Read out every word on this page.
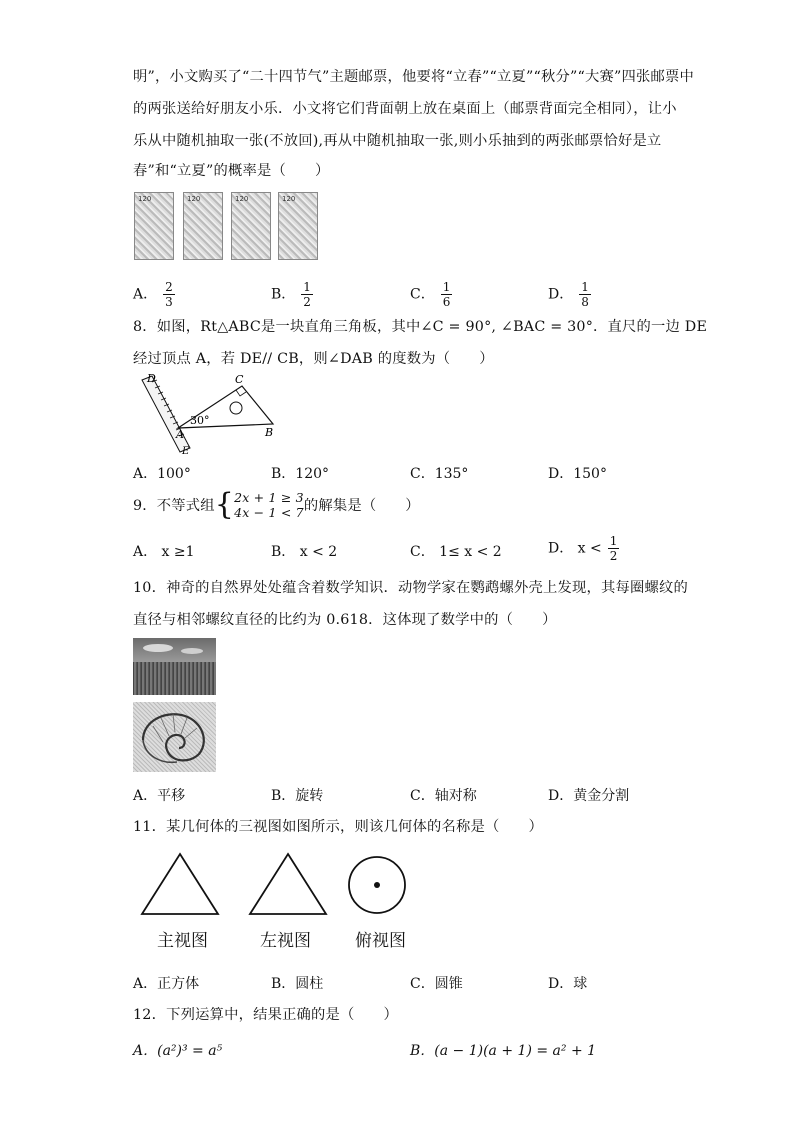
明”，小文购买了“二十四节气”主题邮票，他要将“立春”“立夏”“秋分”“大赛”四张邮票中
的两张送给好朋友小乐．小文将它们背面朝上放在桌面上（邮票背面完全相同），让小
乐从中随机抽取一张(不放回),再从中随机抽取一张,则小乐抽到的两张邮票恰好是立
春”和“立夏”的概率是（　　）
120	120	120	120
A． $\frac{2}{3}$	B． $\frac{1}{2}$	C． $\frac{1}{6}$	D． $\frac{1}{8}$
8．如图，Rt△ABC是一块直角三角板，其中∠C = 90°, ∠BAC = 30°．直尺的一边 DE
经过顶点 A，若 DE// CB，则∠DAB 的度数为（　　）
D	C
30°
A	B
E
A．100°	B．120°	C．135°	D．150°
9．不等式组 { 2x + 1 ≥ 3
4x − 1 < 7 的解集是（　　）
A． x ≥1	B． x < 2	C． 1≤ x < 2	D． $x < \frac{1}{2}$
10．神奇的自然界处处蕴含着数学知识．动物学家在鹦鹉螺外壳上发现，其每圈螺纹的
直径与相邻螺纹直径的比约为 0.618．这体现了数学中的（　　）
A．平移	B．旋转	C．轴对称	D．黄金分割
11．某几何体的三视图如图所示，则该几何体的名称是（　　）
主视图	左视图	俯视图
A．正方体	B．圆柱	C．圆锥	D．球
12．下列运算中，结果正确的是（　　）
A．(a²)³ = a⁵	B．(a − 1)(a + 1) = a² + 1
